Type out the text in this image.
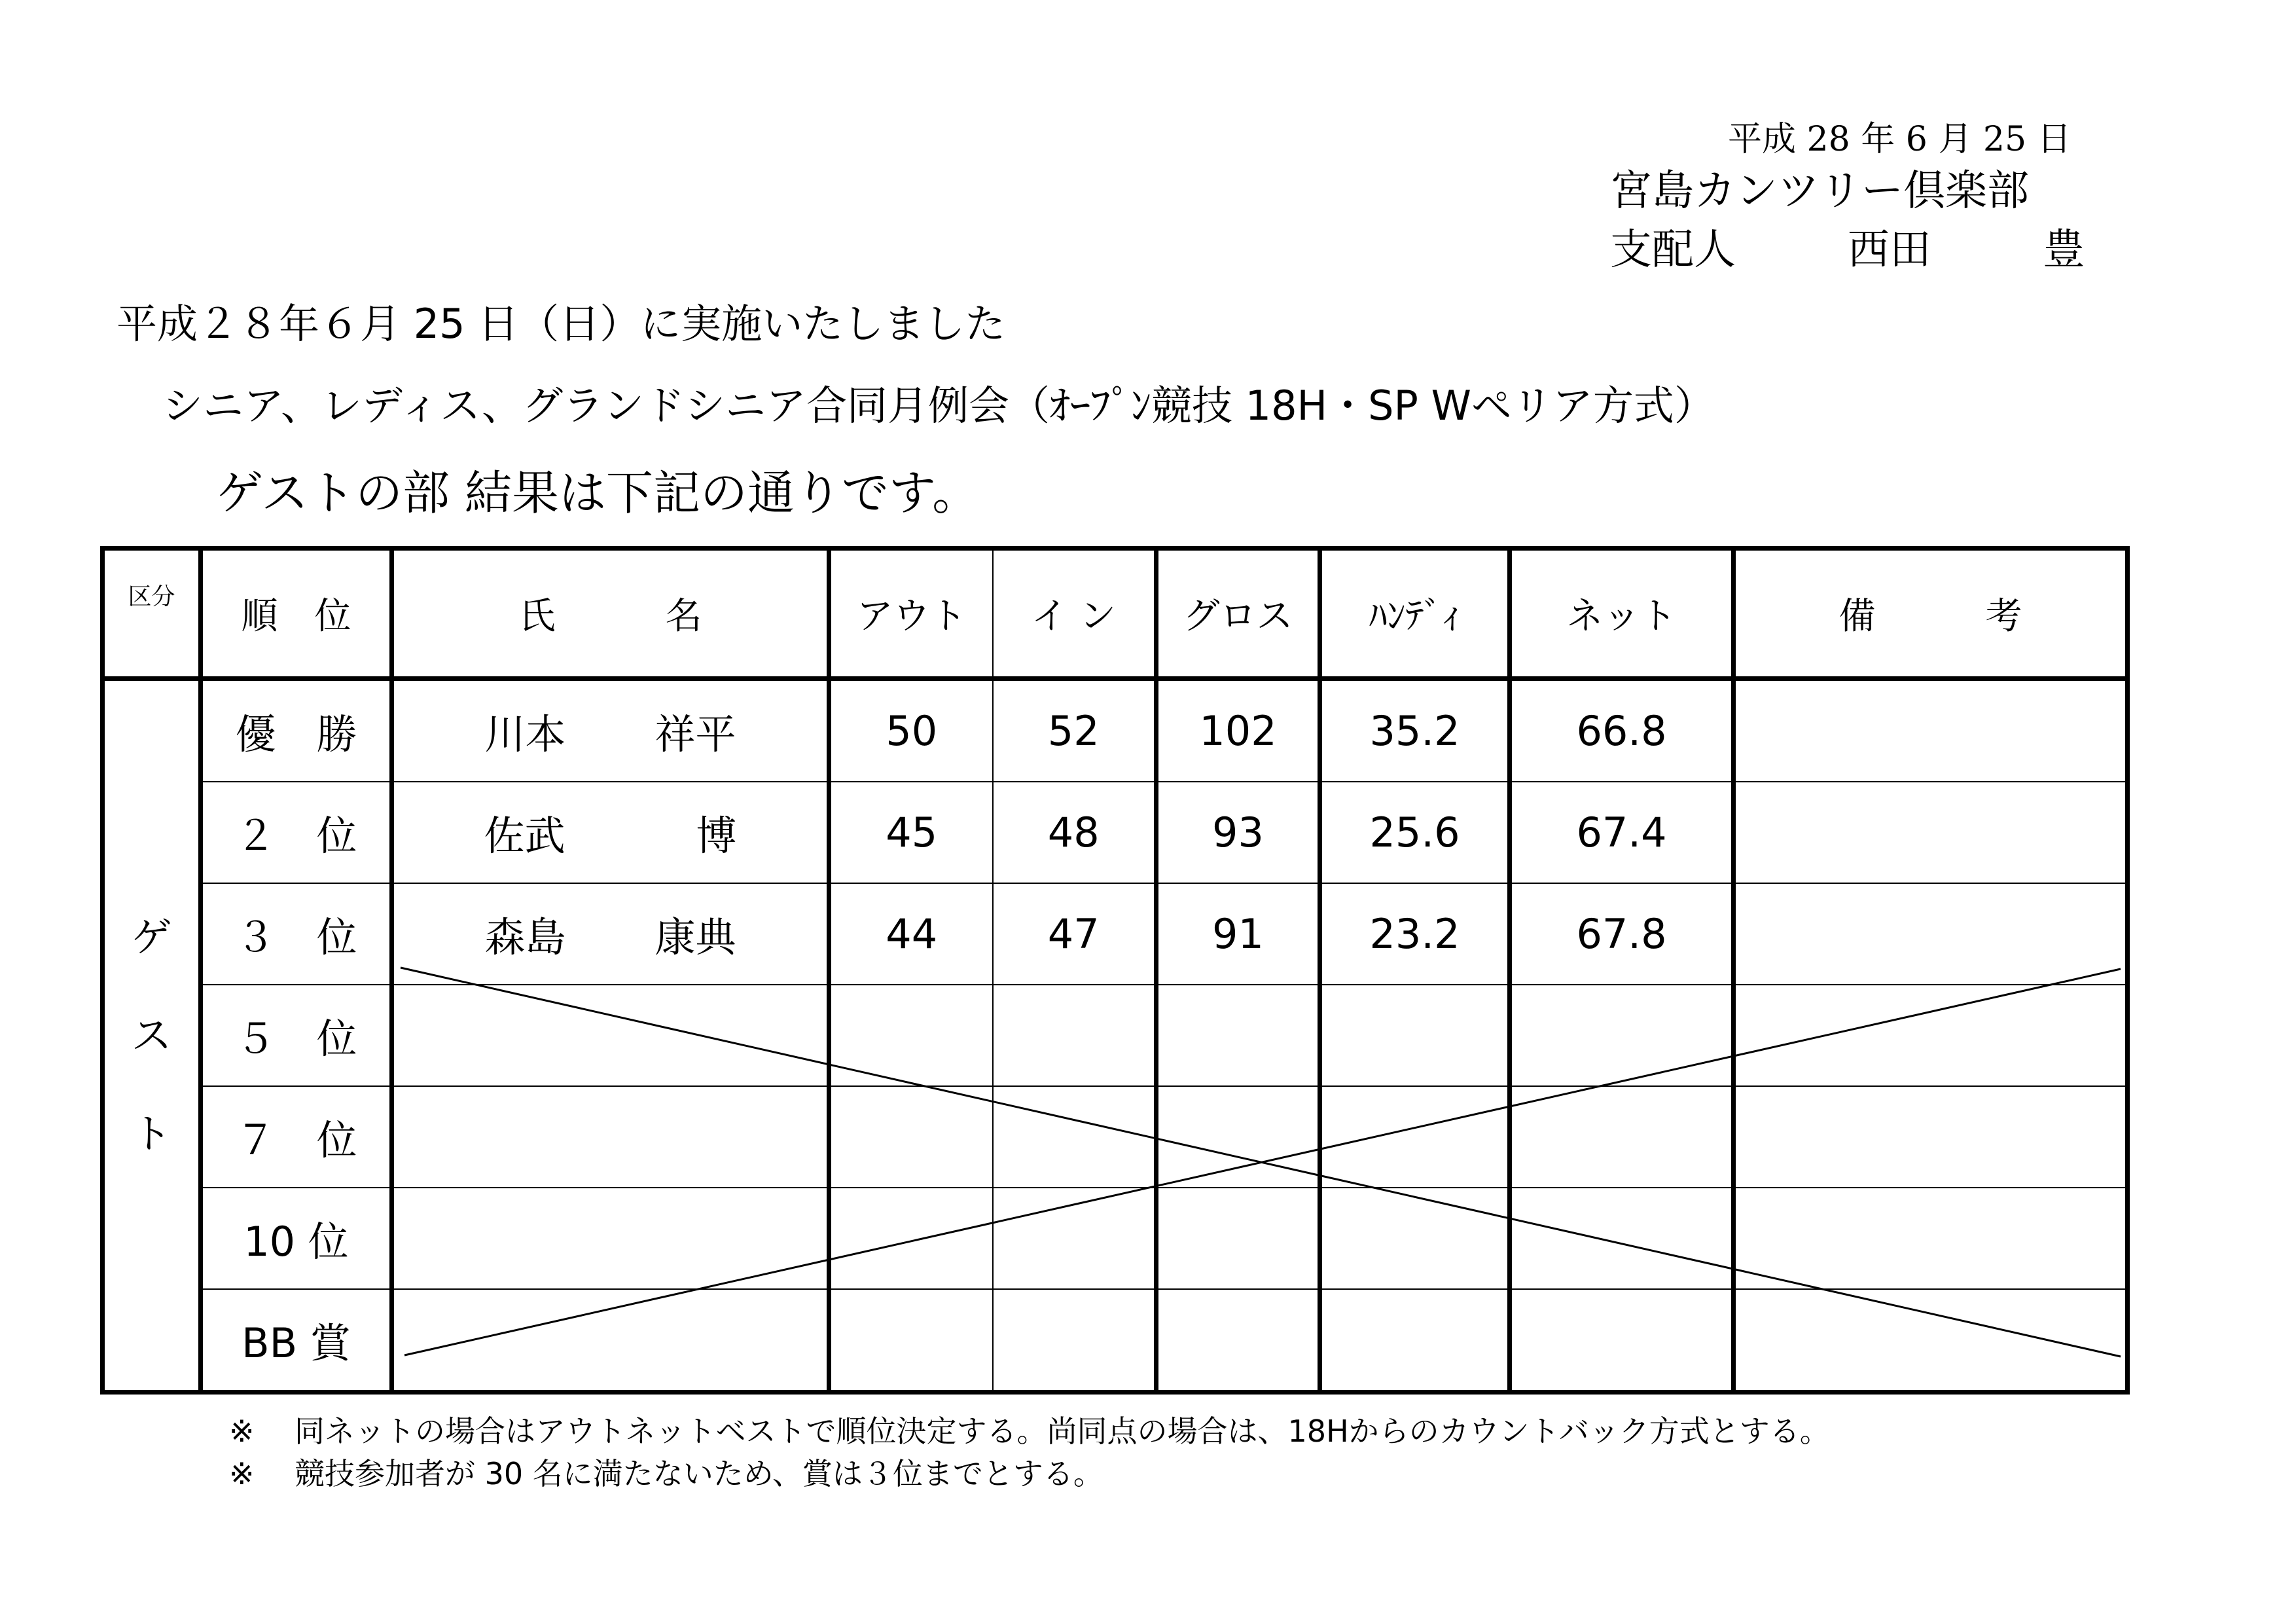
平成 28 年 6 月 25 日
宮島カンツリー倶楽部
支配人	西田	豊
平成２８年６月 25 日（日）に実施いたしました
シニア、レディス、グランドシニア合同月例会（ｵｰﾌﾟﾝ競技 18H・SP Wペリア方式）
ゲストの部 結果は下記の通りです。
区分	順　位	氏　　　名	アウト	イ ン	グロス	ﾊﾝﾃﾞｨ	ネット	備　　　考

ゲ
ス
ト	優　勝	川本 祥平	50	52	102	35.2	66.8	
	２　位	佐武 博	45	48	93	25.6	67.4	
	３　位	森島 康典	44	47	91	23.2	67.8	
	５　位							
	７　位							
	10 位							
	BB 賞							
※ 同ネットの場合はアウトネットベストで順位決定する。尚同点の場合は、18Hからのカウントバック方式とする。
※ 競技参加者が 30 名に満たないため、賞は３位までとする。
